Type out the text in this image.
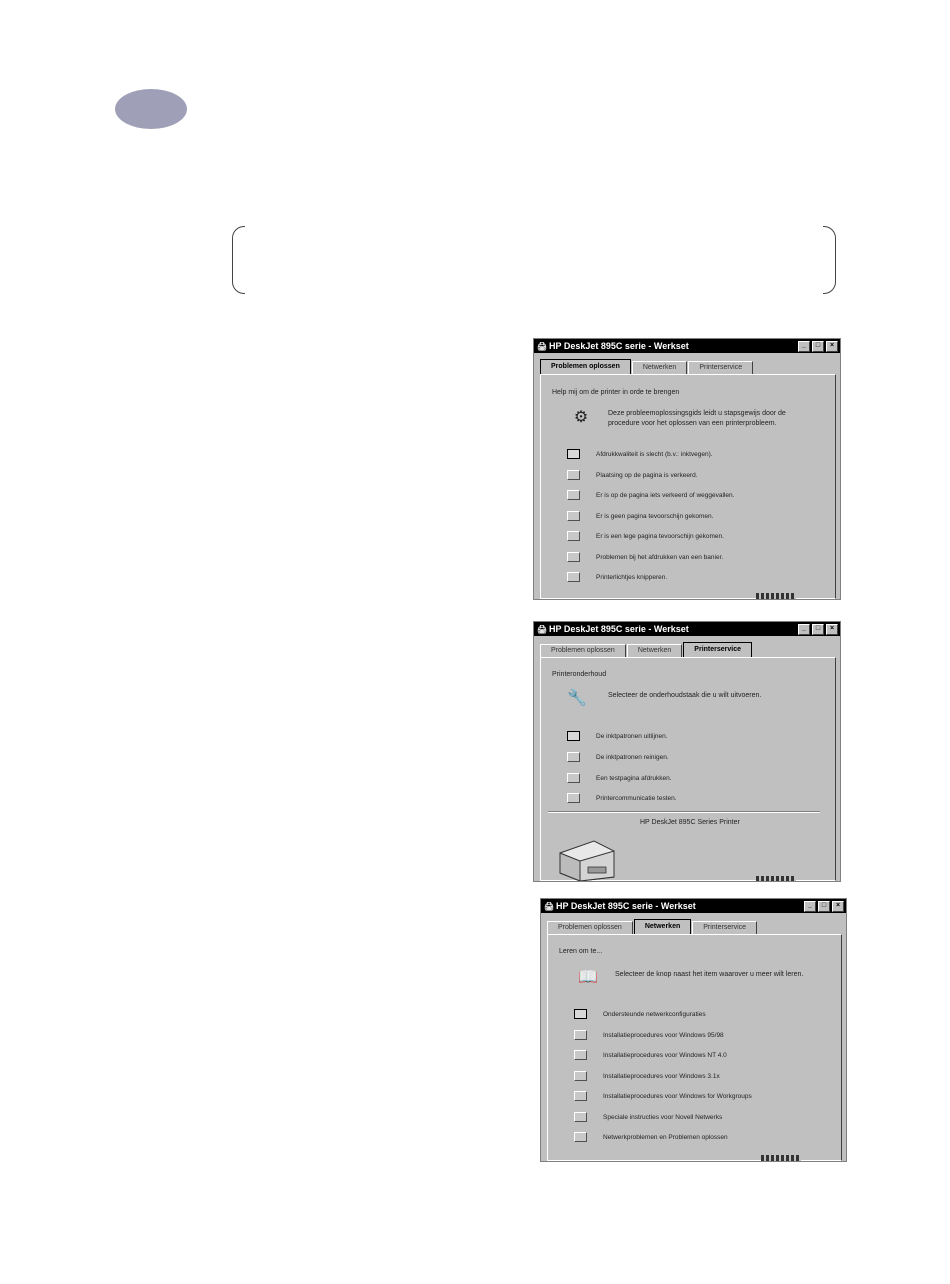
🖨 HP DeskJet 895C serie - Werkset	_	□	×
Problemen oplossen	Netwerken	Printerservice
Help mij om de printer in orde te brengen
⚙	Deze probleemoplossingsgids leidt u stapsgewijs door de procedure voor het oplossen van een printerprobleem.
Afdrukkwaliteit is slecht (b.v.: inktvegen).
Plaatsing op de pagina is verkeerd.
Er is op de pagina iets verkeerd of weggevallen.
Er is geen pagina tevoorschijn gekomen.
Er is een lege pagina tevoorschijn gekomen.
Problemen bij het afdrukken van een banier.
Printerlichtjes knipperen.
🖨 HP DeskJet 895C serie - Werkset	_	□	×
Problemen oplossen	Netwerken	Printerservice
Printeronderhoud
🔧	Selecteer de onderhoudstaak die u wilt uitvoeren.
De inktpatronen uitlijnen.
De inktpatronen reinigen.
Een testpagina afdrukken.
Printercommunicatie testen.
HP DeskJet 895C Series Printer
🖨 HP DeskJet 895C serie - Werkset	_	□	×
Problemen oplossen	Netwerken	Printerservice
Leren om te...
📖 Selecteer de knop naast het item waarover u meer wilt leren.
Ondersteunde netwerkconfiguraties
Installatieprocedures voor Windows 95/98
Installatieprocedures voor Windows NT 4.0
Installatieprocedures voor Windows 3.1x
Installatieprocedures voor Windows for Workgroups
Speciale instructies voor Novell Netwerks
Netwerkproblemen en Problemen oplossen
